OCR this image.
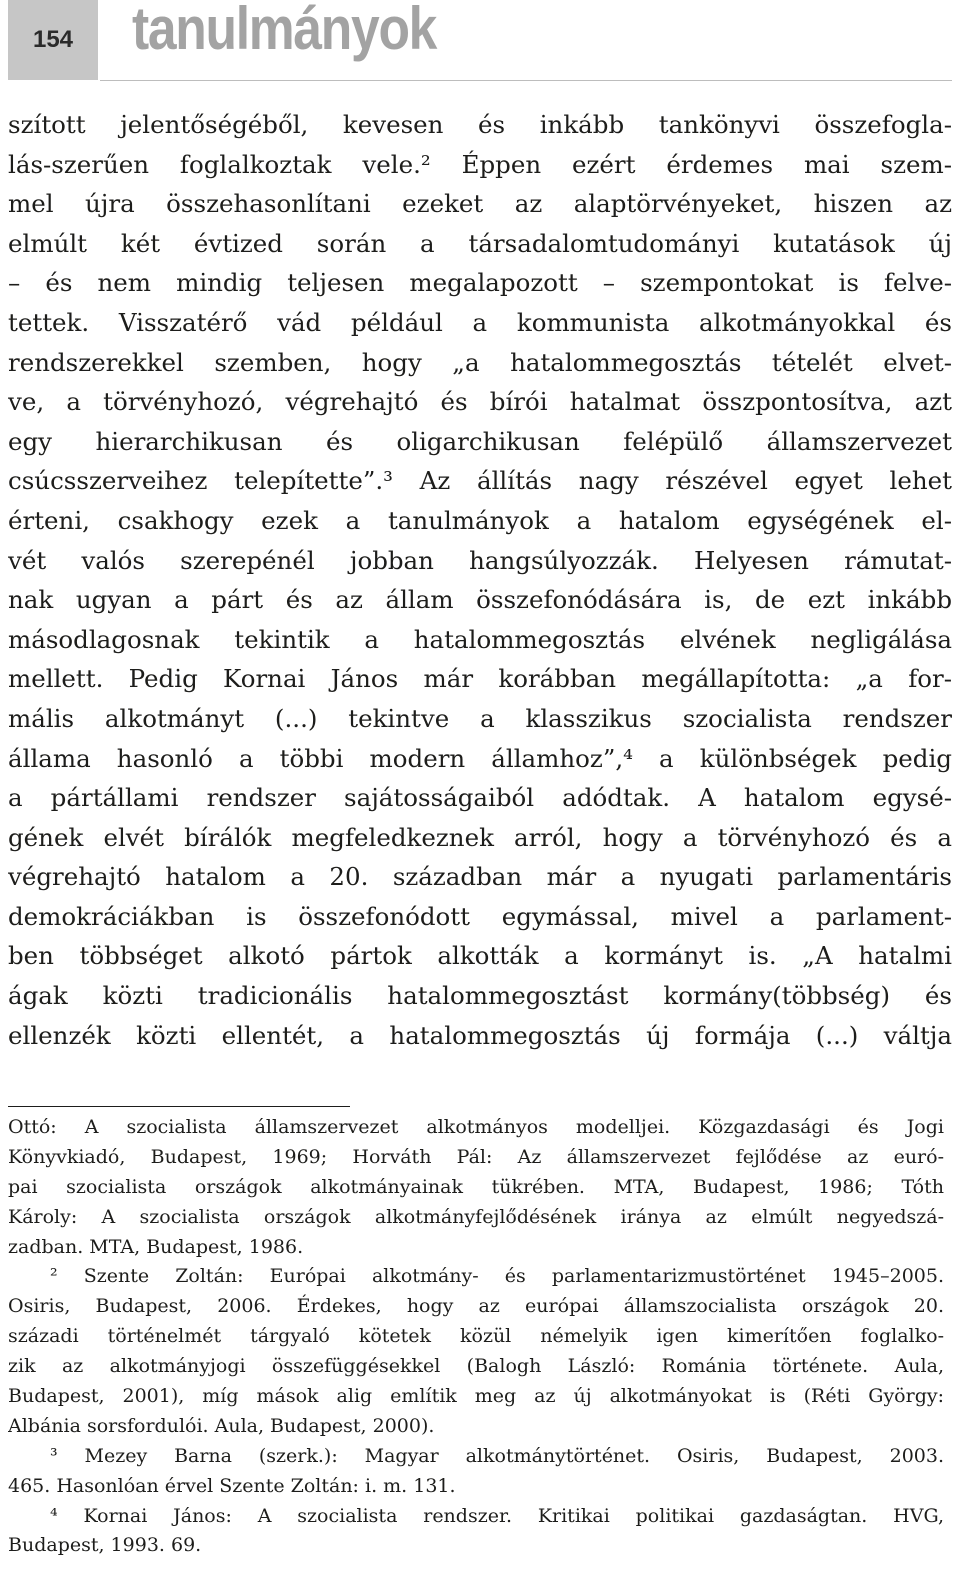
154 tanulmányok
szított jelentőségéből, kevesen és inkább tankönyvi összefogla-
lás-szerűen foglalkoztak vele.² Éppen ezért érdemes mai szem-
mel újra összehasonlítani ezeket az alaptörvényeket, hiszen az
elmúlt két évtized során a társadalomtudományi kutatások új
– és nem mindig teljesen megalapozott – szempontokat is felve-
tettek. Visszatérő vád például a kommunista alkotmányokkal és
rendszerekkel szemben, hogy „a hatalommegosztás tételét elvet-
ve, a törvényhozó, végrehajtó és bírói hatalmat összpontosítva, azt
egy hierarchikusan és oligarchikusan felépülő államszervezet
csúcsszerveihez telepítette”.³ Az állítás nagy részével egyet lehet
érteni, csakhogy ezek a tanulmányok a hatalom egységének el-
vét valós szerepénél jobban hangsúlyozzák. Helyesen rámutat-
nak ugyan a párt és az állam összefonódására is, de ezt inkább
másodlagosnak tekintik a hatalommegosztás elvének negligálása
mellett. Pedig Kornai János már korábban megállapította: „a for-
mális alkotmányt (...) tekintve a klasszikus szocialista rendszer
állama hasonló a többi modern államhoz”,⁴ a különbségek pedig
a pártállami rendszer sajátosságaiból adódtak. A hatalom egysé-
gének elvét bírálók megfeledkeznek arról, hogy a törvényhozó és a
végrehajtó hatalom a 20. században már a nyugati parlamentáris
demokráciákban is összefonódott egymással, mivel a parlament-
ben többséget alkotó pártok alkották a kormányt is. „A hatalmi
ágak közti tradicionális hatalommegosztást kormány(többség) és
ellenzék közti ellentét, a hatalommegosztás új formája (...) váltja
Ottó: A szocialista államszervezet alkotmányos modelljei. Közgazdasági és Jogi
Könyvkiadó, Budapest, 1969; Horváth Pál: Az államszervezet fejlődése az euró-
pai szocialista országok alkotmányainak tükrében. MTA, Budapest, 1986; Tóth
Károly: A szocialista országok alkotmányfejlődésének iránya az elmúlt negyedszá-
zadban. MTA, Budapest, 1986.
² Szente Zoltán: Európai alkotmány- és parlamentarizmustörténet 1945–2005.
Osiris, Budapest, 2006. Érdekes, hogy az európai államszocialista országok 20.
századi történelmét tárgyaló kötetek közül némelyik igen kimerítően foglalko-
zik az alkotmányjogi összefüggésekkel (Balogh László: Románia története. Aula,
Budapest, 2001), míg mások alig említik meg az új alkotmányokat is (Réti György:
Albánia sorsfordulói. Aula, Budapest, 2000).
³ Mezey Barna (szerk.): Magyar alkotmánytörténet. Osiris, Budapest, 2003.
465. Hasonlóan érvel Szente Zoltán: i. m. 131.
⁴ Kornai János: A szocialista rendszer. Kritikai politikai gazdaságtan. HVG,
Budapest, 1993. 69.
